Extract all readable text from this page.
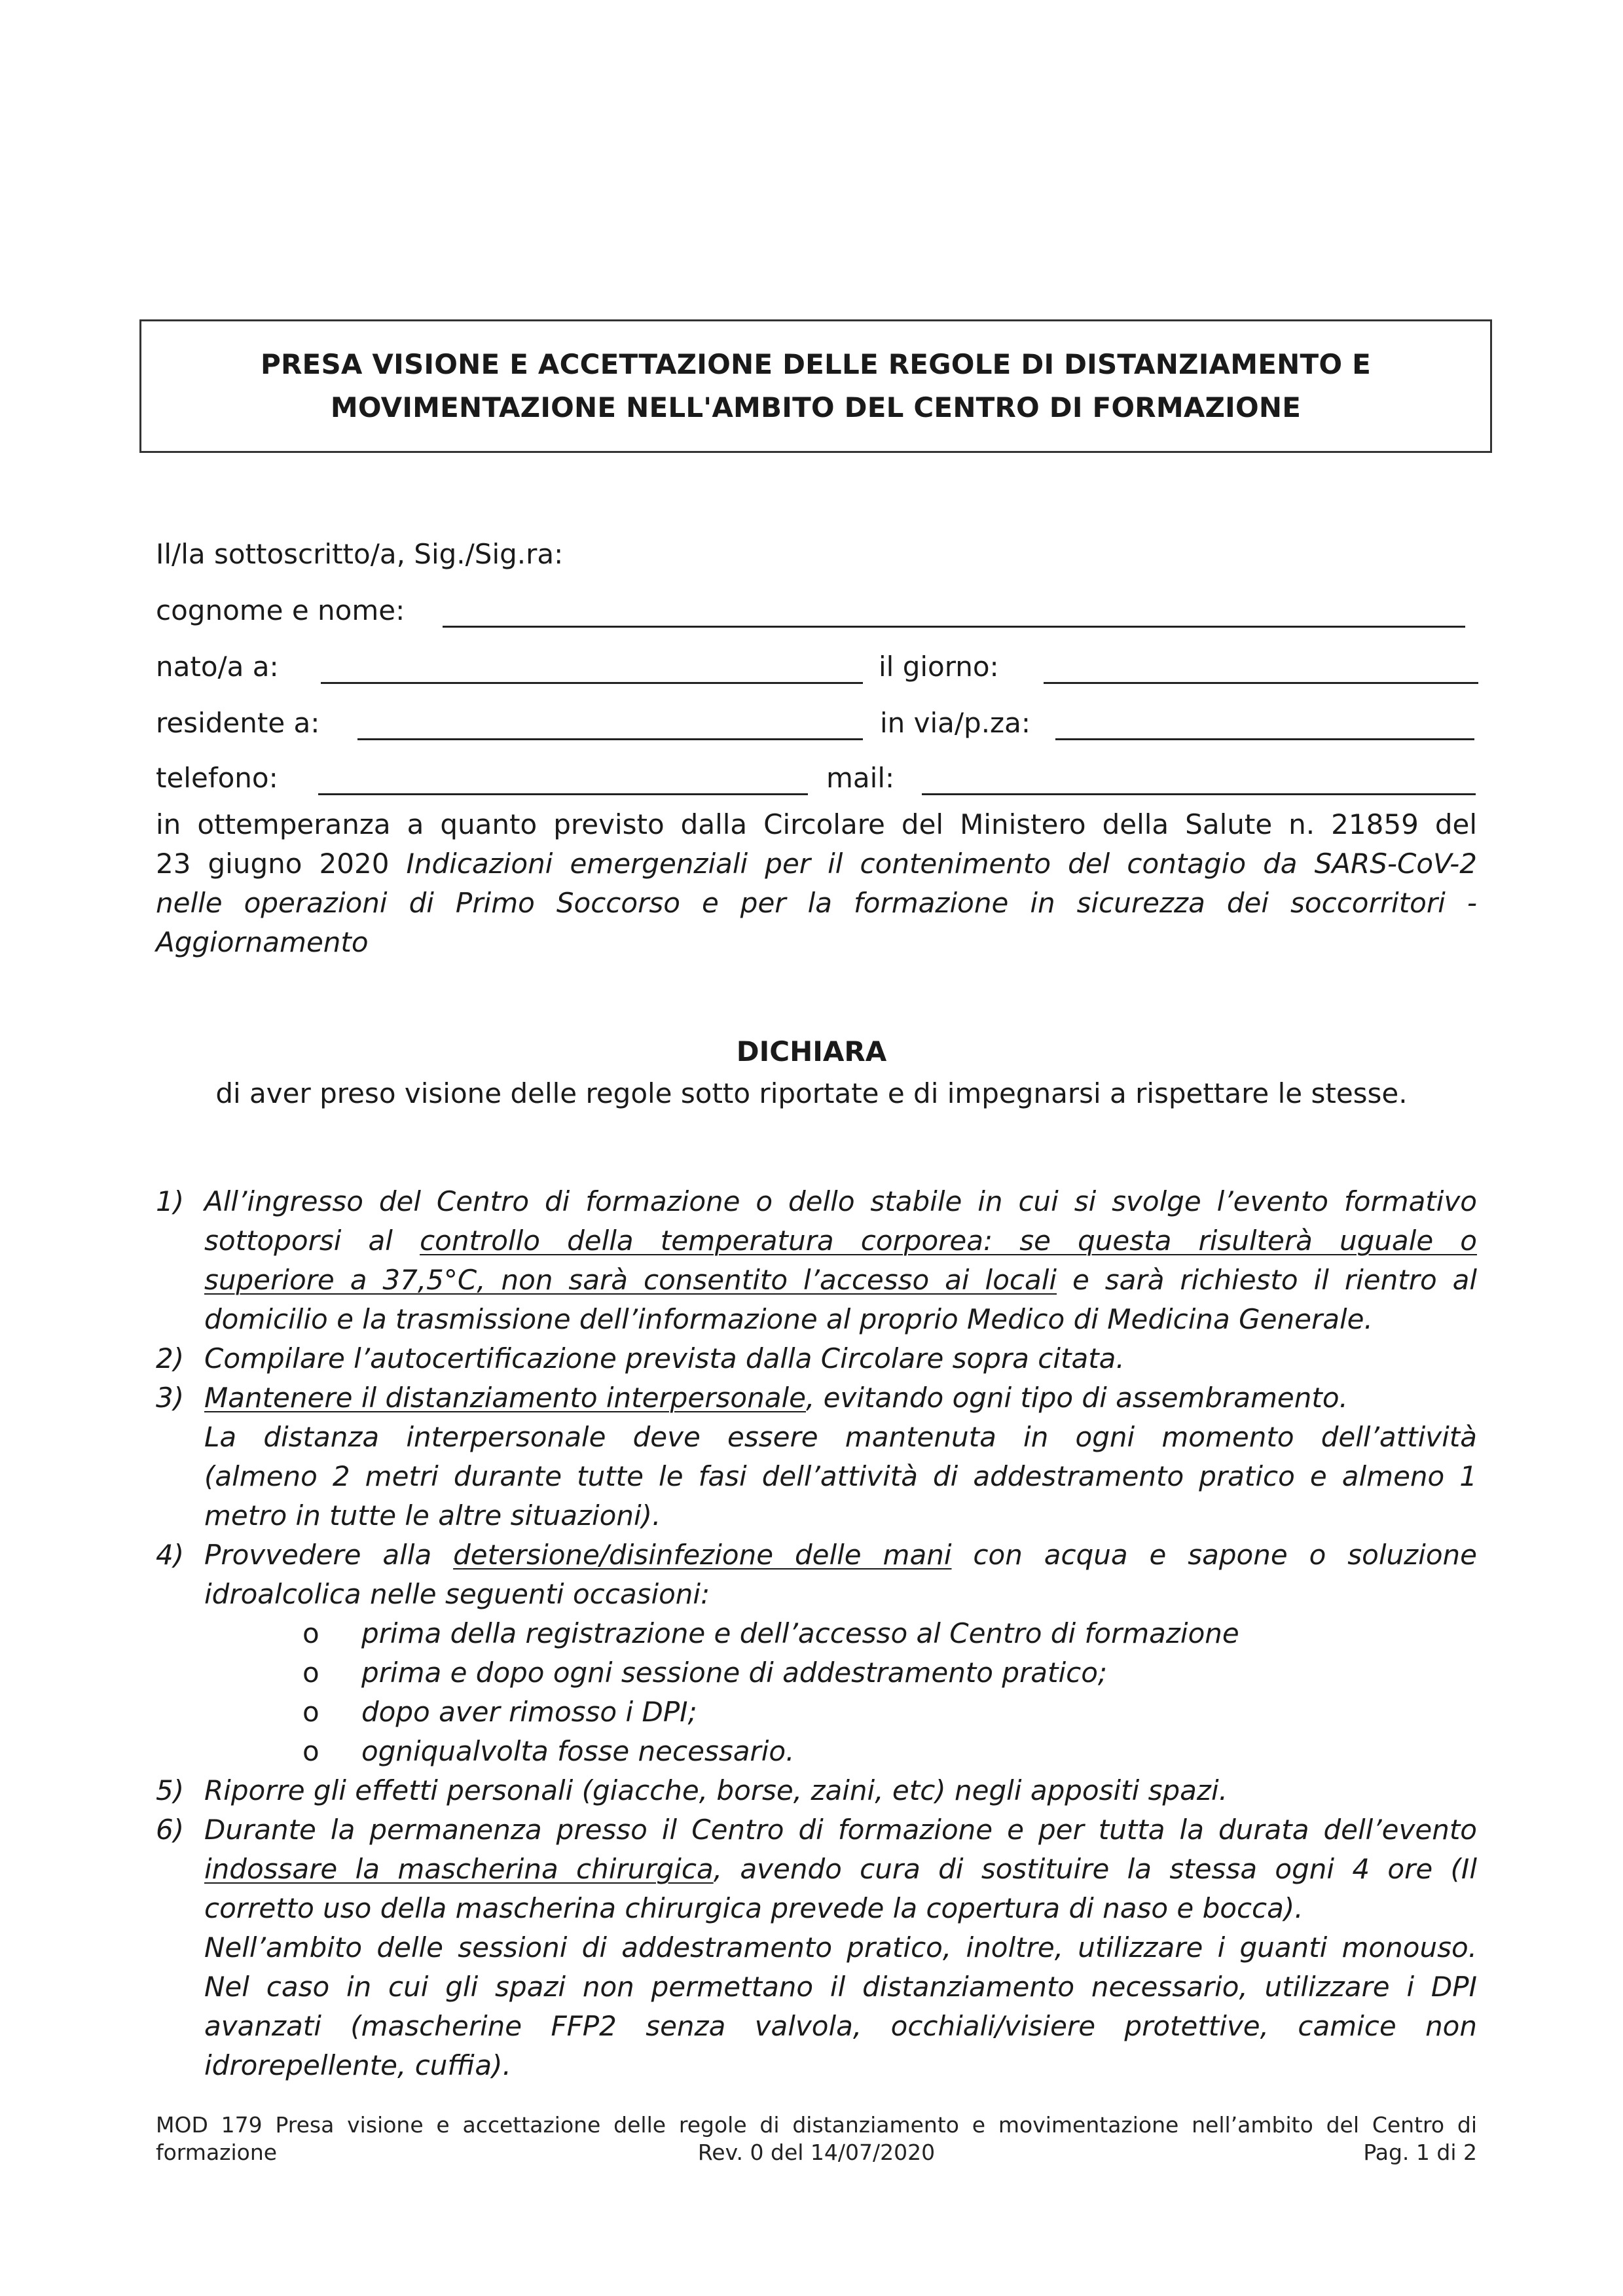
PRESA VISIONE E ACCETTAZIONE DELLE REGOLE DI DISTANZIAMENTO E
MOVIMENTAZIONE NELL'AMBITO DEL CENTRO DI FORMAZIONE
Il/la sottoscritto/a, Sig./Sig.ra:
cognome e nome:
nato/a a:	il giorno:
residente a:	in via/p.za:
telefono:	mail:
in ottemperanza a quanto previsto dalla Circolare del Ministero della Salute n. 21859 del
23 giugno 2020 Indicazioni emergenziali per il contenimento del contagio da SARS-CoV-2
nelle operazioni di Primo Soccorso e per la formazione in sicurezza dei soccorritori -
Aggiornamento
DICHIARA
di aver preso visione delle regole sotto riportate e di impegnarsi a rispettare le stesse.
1) All’ingresso del Centro di formazione o dello stabile in cui si svolge l’evento formativo
sottoporsi al controllo della temperatura corporea: se questa risulterà uguale o
superiore a 37,5°C, non sarà consentito l’accesso ai locali e sarà richiesto il rientro al
domicilio e la trasmissione dell’informazione al proprio Medico di Medicina Generale.
2) Compilare l’autocertificazione prevista dalla Circolare sopra citata.
3) Mantenere il distanziamento interpersonale, evitando ogni tipo di assembramento.
La distanza interpersonale deve essere mantenuta in ogni momento dell’attività
(almeno 2 metri durante tutte le fasi dell’attività di addestramento pratico e almeno 1
metro in tutte le altre situazioni).
4) Provvedere alla detersione/disinfezione delle mani con acqua e sapone o soluzione
idroalcolica nelle seguenti occasioni:
o prima della registrazione e dell’accesso al Centro di formazione
o prima e dopo ogni sessione di addestramento pratico;
o dopo aver rimosso i DPI;
o ogniqualvolta fosse necessario.
5) Riporre gli effetti personali (giacche, borse, zaini, etc) negli appositi spazi.
6) Durante la permanenza presso il Centro di formazione e per tutta la durata dell’evento
indossare la mascherina chirurgica, avendo cura di sostituire la stessa ogni 4 ore (Il
corretto uso della mascherina chirurgica prevede la copertura di naso e bocca).
Nell’ambito delle sessioni di addestramento pratico, inoltre, utilizzare i guanti monouso.
Nel caso in cui gli spazi non permettano il distanziamento necessario, utilizzare i DPI
avanzati (mascherine FFP2 senza valvola, occhiali/visiere protettive, camice non
idrorepellente, cuffia).
MOD 179 Presa visione e accettazione delle regole di distanziamento e movimentazione nell’ambito del Centro di
formazione	Rev. 0 del 14/07/2020	Pag. 1 di 2
